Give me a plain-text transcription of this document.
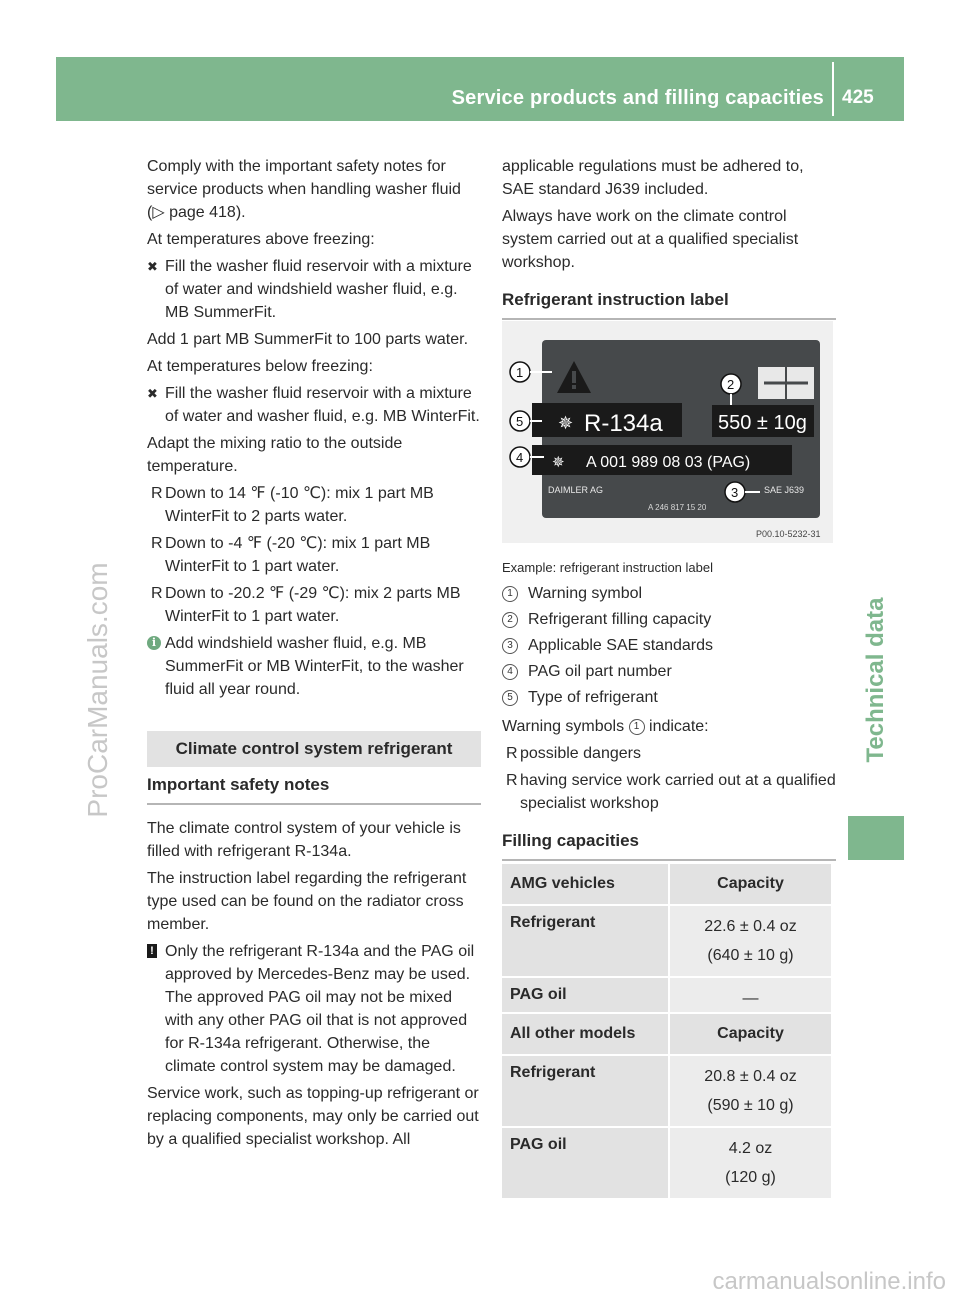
Service products and filling capacities 425
Technical data
ProCarManuals.com
carmanualsonline.info

Comply with the important safety notes for service products when handling washer fluid (▷ page 418).

At temperatures above freezing:

✖ Fill the washer fluid reservoir with a mixture of water and windshield washer fluid, e.g. MB SummerFit.

Add 1 part MB SummerFit to 100 parts water.

At temperatures below freezing:

✖ Fill the washer fluid reservoir with a mixture of water and washer fluid, e.g. MB WinterFit.

Adapt the mixing ratio to the outside temperature.

R Down to 14 ℉ (‑10 ℃): mix 1 part MB WinterFit to 2 parts water.
R Down to ‑4 ℉ (‑20 ℃): mix 1 part MB WinterFit to 1 part water.
R Down to ‑20.2 ℉ (‑29 ℃): mix 2 parts MB WinterFit to 1 part water.
i Add windshield washer fluid, e.g. MB SummerFit or MB WinterFit, to the washer fluid all year round.
Climate control system refrigerant
Important safety notes

The climate control system of your vehicle is filled with refrigerant R-134a.

The instruction label regarding the refrigerant type used can be found on the radiator cross member.

! Only the refrigerant R-134a and the PAG oil approved by Mercedes-Benz may be used. The approved PAG oil may not be mixed with any other PAG oil that is not approved for R-134a refrigerant. Otherwise, the climate control system may be damaged.

Service work, such as topping-up refrigerant or replacing components, may only be carried out by a qualified specialist workshop. All

applicable regulations must be adhered to, SAE standard J639 included.

Always have work on the climate control system carried out at a qualified specialist workshop.

Refrigerant instruction label
✵ R-134a	550 ± 10g
✵ A 001 989 08 03 (PAG)
DAIMLER AG	SAE J639
A 246 817 15 20
P00.10-5232-31
1
2
3
4
5
Example: refrigerant instruction label
1 Warning symbol
2 Refrigerant filling capacity
3 Applicable SAE standards
4 PAG oil part number
5 Type of refrigerant

Warning symbols 1 indicate:

R possible dangers
R having service work carried out at a qualified specialist workshop
Filling capacities
AMG vehicles	Capacity
Refrigerant	22.6 ± 0.4 oz
(640 ± 10 g)

PAG oil	—
All other models	Capacity
Refrigerant	20.8 ± 0.4 oz
(590 ± 10 g)

PAG oil	4.2 oz
(120 g)
